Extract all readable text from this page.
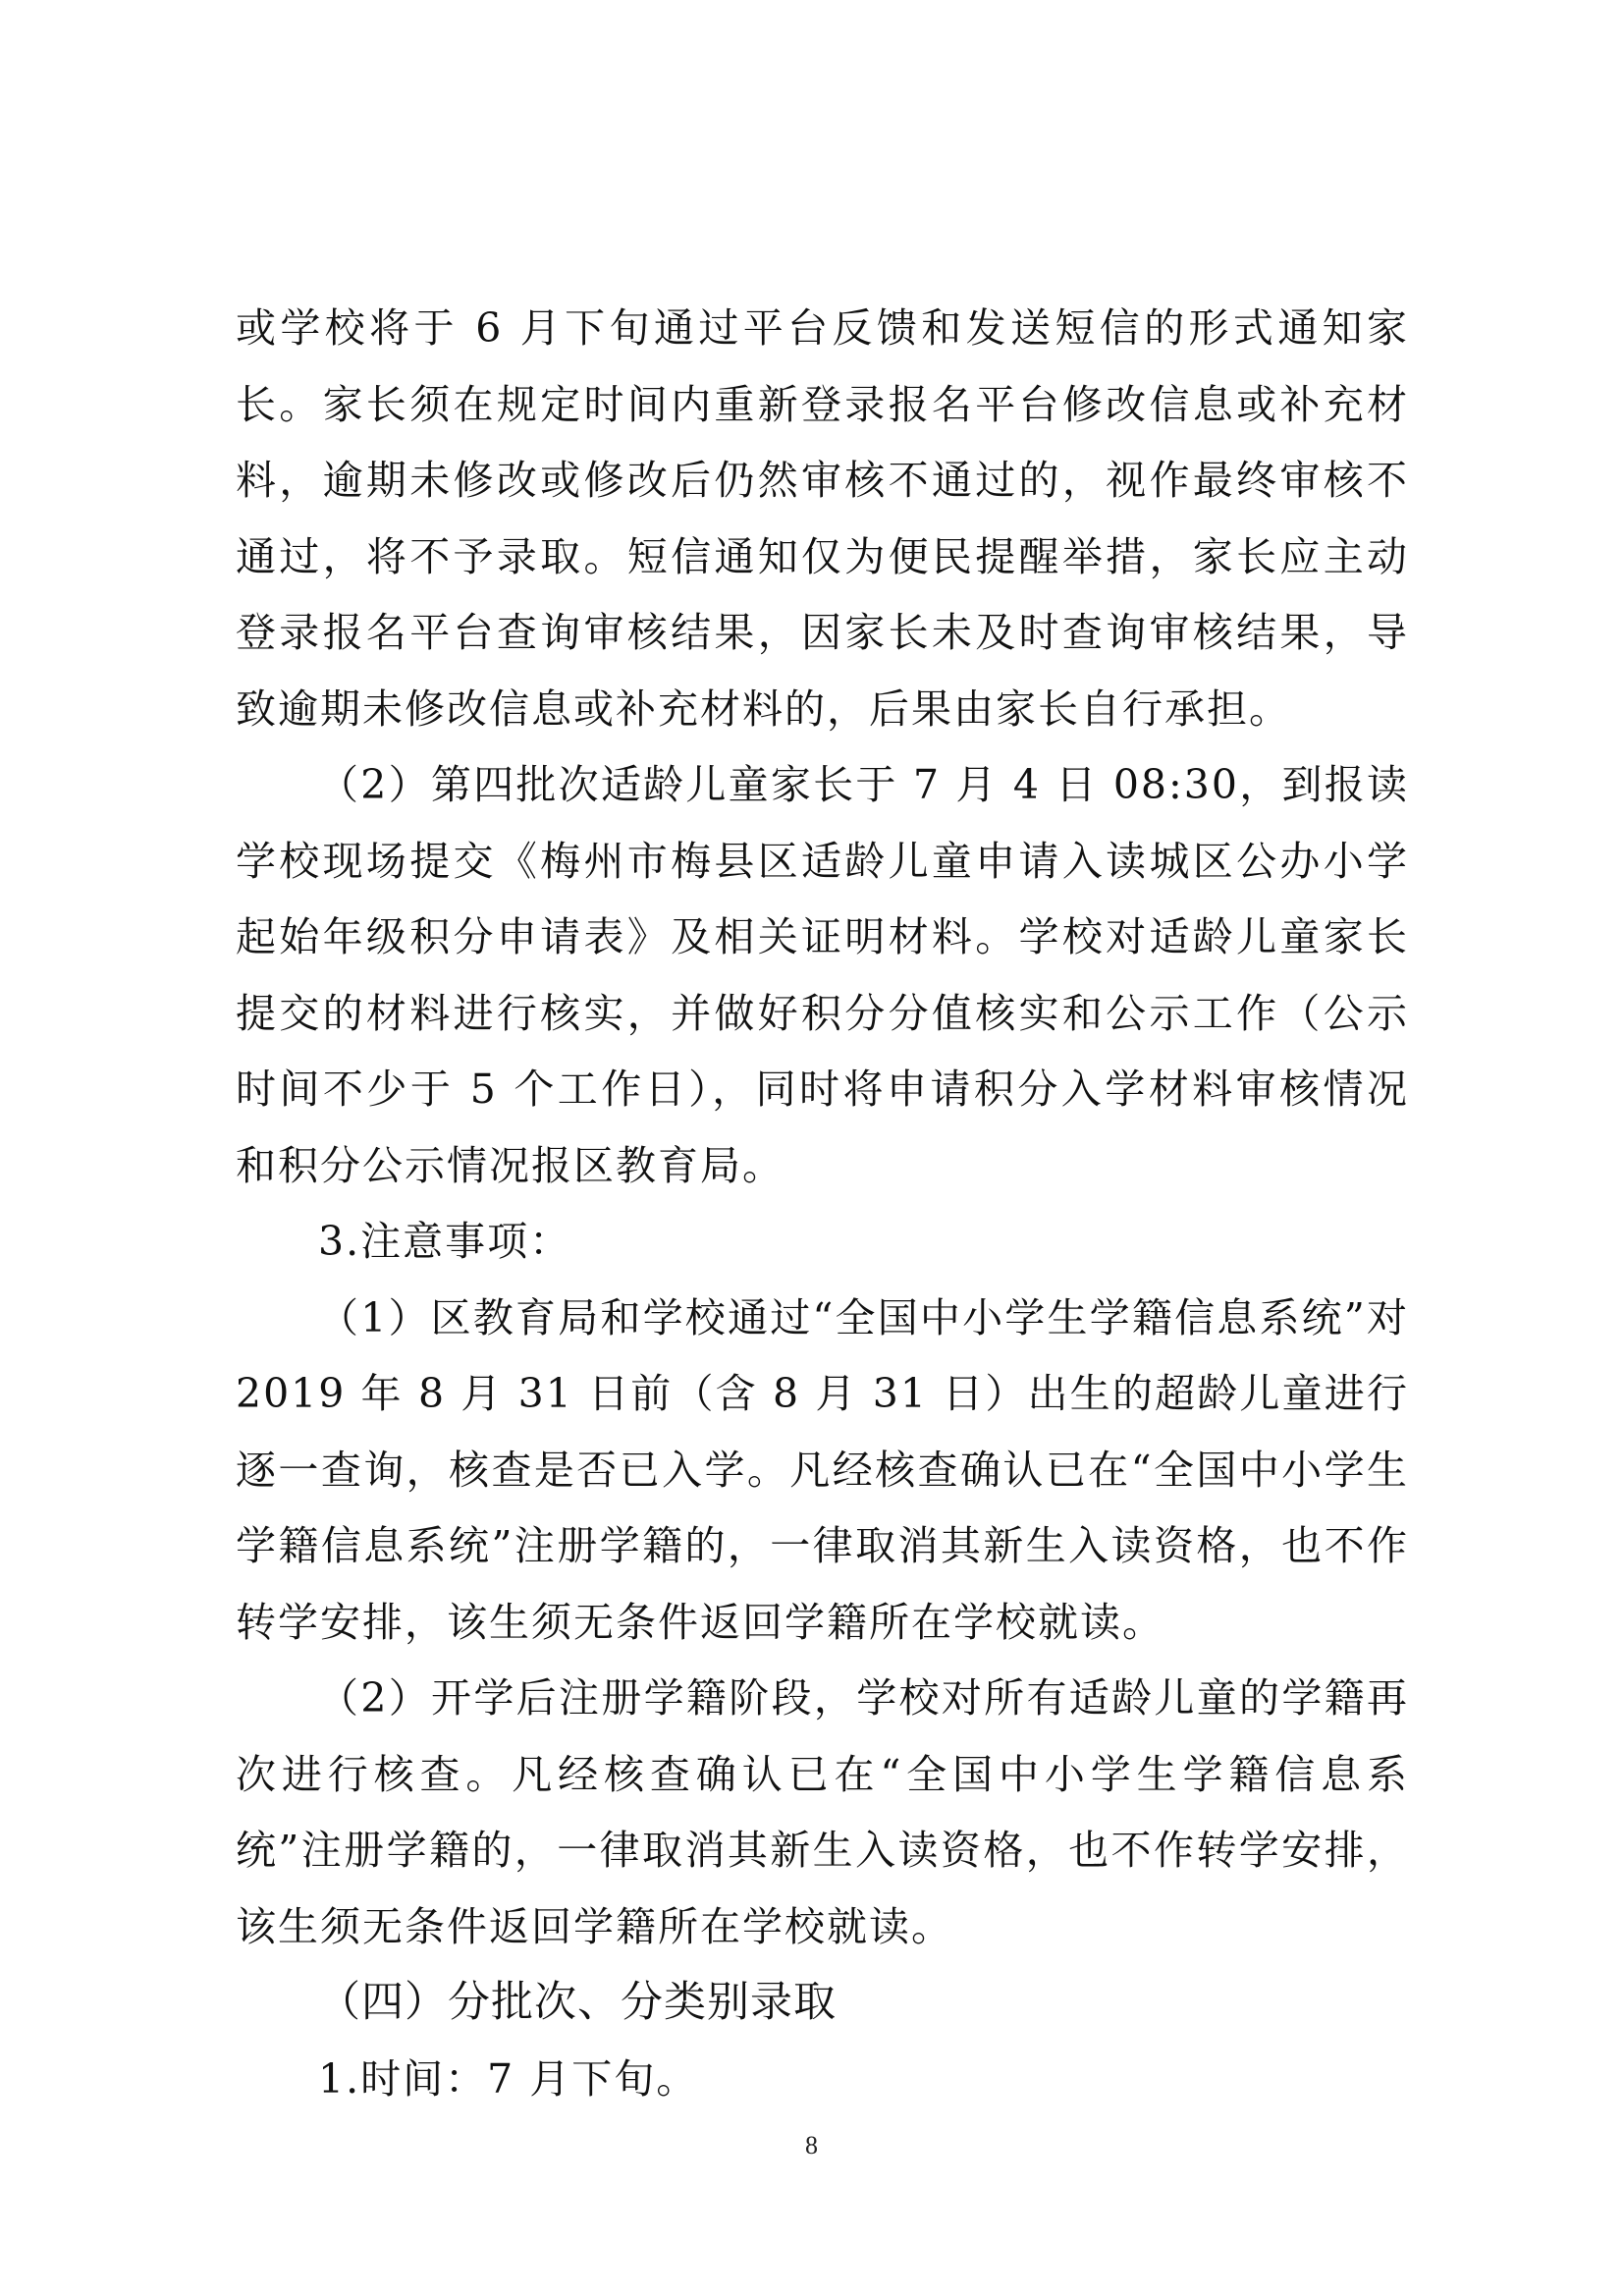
或学校将于 6 月下旬通过平台反馈和发送短信的形式通知家长。家长须在规定时间内重新登录报名平台修改信息或补充材料，逾期未修改或修改后仍然审核不通过的，视作最终审核不通过，将不予录取。短信通知仅为便民提醒举措，家长应主动登录报名平台查询审核结果，因家长未及时查询审核结果，导致逾期未修改信息或补充材料的，后果由家长自行承担。

（2）第四批次适龄儿童家长于 7 月 4 日 08:30，到报读学校现场提交《梅州市梅县区适龄儿童申请入读城区公办小学起始年级积分申请表》及相关证明材料。学校对适龄儿童家长提交的材料进行核实，并做好积分分值核实和公示工作（公示时间不少于 5 个工作日），同时将申请积分入学材料审核情况和积分公示情况报区教育局。

3.注意事项：

（1）区教育局和学校通过“全国中小学生学籍信息系统”对 2019 年 8 月 31 日前（含 8 月 31 日）出生的超龄儿童进行逐一查询，核查是否已入学。凡经核查确认已在“全国中小学生学籍信息系统”注册学籍的，一律取消其新生入读资格，也不作转学安排，该生须无条件返回学籍所在学校就读。

（2）开学后注册学籍阶段，学校对所有适龄儿童的学籍再次进行核查。凡经核查确认已在“全国中小学生学籍信息系统”注册学籍的，一律取消其新生入读资格，也不作转学安排，该生须无条件返回学籍所在学校就读。

（四）分批次、分类别录取

1.时间：7 月下旬。

8
